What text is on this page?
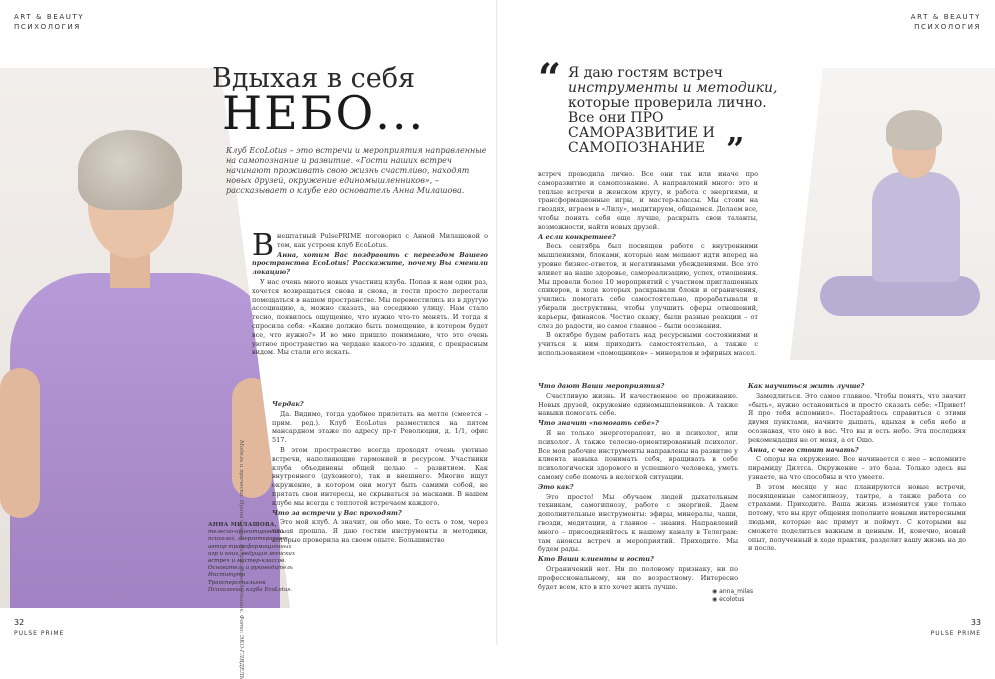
ART & BEAUTY
ПСИХОЛОГИЯ
Вдыхая в себя
НЕБО...
Клуб EcoLotus – это встречи и мероприятия направленные на самопознание и развитие. «Гости наших встреч начинают проживать свою жизнь счастливо, находят новых друзей, окружение единомышленников», – рассказывает о клубе его основатель Анна Милашова.

Внештатный PulsePRIME поговорил с Анной Милашовой о том, как устроен клуб EcoLotus.

Анна, хотим Вас поздравить с переездом Вашего пространства EcoLotus! Расскажите, почему Вы сменили локацию?

У нас очень много новых участниц клуба. Попав к нам один раз, хочется возвращаться снова и снова, и гости просто перестали помещаться в нашем пространстве. Мы переместились из в другую ассоциацию, а, можно сказать, на соседнюю улицу. Нам стало тесно, появилось ощущение, что нужно что-то менять. И тогда я спросила себя: «Какие должно быть помещение, в котором будет все, что нужно?» И во мне пришло понимание, что это очень уютное пространство на чердаке какого-то здания, с прекрасным видом. Мы стали его искать.

Чердак?

Да. Видимо, тогда удобнее прилетать на метле (смеется – прим. ред.). Клуб EcoLotus разместился на пятом мансардном этаже по адресу пр-т Революции, д. 1/1, офис 517.

В этом пространстве всегда проходят очень уютные встречи, наполняющие гармонией и ресурсом. Участники клуба объединены общей целью – развитием. Как внутреннего (духовного), так и внешнего. Многие ищут окружение, в котором они могут быть самими собой, не прятать свои интересы, не скрываться за масками. В нашем клубе мы всегда с теплотой встречаем каждого.

Что за встречи у Вас проходят?

Это мой клуб. А значит, он обо мне. То есть о том, через что я прошла. Я даю гостям инструменты и методики, которые проверила на своем опыте. Большинство

Модель и прическа: Ирина Сухова. Визаж: Анна Меньших. Фото: ЭКО-ГЛЯДЕЛЬ
АННА МИЛАШОВА, телесно-ориентированный психолог, энерготерапевт, автор трансформационных игр и книг, ведущая женских встреч и мастер-классов. Основатель и руководитель Института Трансперсональной Психологии, клуба EcoLotus.
32
PULSE PRIME
ART & BEAUTY
ПСИХОЛОГИЯ
“ Я даю гостям встреч
инструменты и методики,
которые проверила лично. Все они ПРО САМОРАЗВИТИЕ И САМОПОЗНАНИЕ ”

встреч проводила лично. Все они так или иначе про саморазвитие и самопознание. А направлений много: это и теплые встречи в женском кругу, и работа с энергиями, и трансформационные игры, и мастер-классы. Мы стоим на гвоздях, играем в «Лилу», медитируем, общаемся. Делаем все, чтобы понять себя еще лучше, раскрыть свои таланты, возможности, найти новых друзей.

А если конкретнее?

Весь сентябрь был посвящен работе с внутренними мышлениями, блоками, которые нам мешают идти вперед на уровне бизнес-ответов, и негативными убеждениями. Все это влияет на наше здоровье, самореализацию, успех, отношения. Мы провели более 10 мероприятий с участием приглашенных спикеров, в ходе которых раскрывали блоки и ограничения, учились помогать себе самостоятельно, прорабатывали и убирали деструктивы, чтобы улучшить сферы отношений, карьеры, финансов. Честно скажу, были разные реакции – от слез до радости, но самое главное – были осознания.

В октябре будем работать над ресурсными состояниями и учиться к ним приходить самостоятельно, а также с использованием «помощников» – минералов и эфирных масел.

Что дают Ваши мероприятия?

Счастливую жизнь. И качественное ее проживание. Новых друзей, окружение единомышленников. А также навыки помогать себе.

Что значит «помогать себе»?

Я не только энерготерапевт, но и психолог, или психолог. А также телесно-ориентированный психолог. Все мои рабочие инструменты направлены на развитие у клиента навыка понимать себя, вращивать в себе психологически здорового и успешного человека, уметь самому себе помочь в нелегкой ситуации.

Это как?

Это просто! Мы обучаем людей дыхательным техникам, самогипнозу, работе с энергией. Даем дополнительные инструменты: эфиры, минералы, чаши, гвозди, медитации, а главное – знания. Направлений много – присоединяйтесь к нашему каналу в Телеграм: там анонсы встреч и мероприятий. Приходите. Мы будем рады.

Кто Ваши клиенты и гости?

Ограничений нет. Ни по половому признаку, ни по профессиональному, ни по возрастному. Интересно будет всем, кто в кто хочет жить лучше.

Как научиться жить лучше?

Замедлиться. Это самое главное. Чтобы понять, что значит «быть», нужно остановиться и просто сказать себе: «Привет! Я про тебя вспомнил». Постарайтесь справиться с этими двумя пунктами, начните дышать, вдыхая в себя небо и осознавая, что оно в вас. Что вы и есть небо. Эта последняя рекомендация не от меня, а от Ошо.

Анна, с чего стоит начать?

С опоры на окружение. Все начинается с нее – вспомните пирамиду Дилтса. Окружение – это база. Только здесь вы узнаете, на что способны и что умеете.

В этом месяце у нас планируются новые встречи, посвященные самогипнозу, тантре, а также работа со страхами. Приходите. Ваша жизнь изменится уже только потому, что вы круг общения пополните новыми интересными людьми, которые вас примут и поймут. С которыми вы сможете поделиться важным и ценным. И, конечно, новый опыт, полученный в ходе практик, разделит вашу жизнь на до и после.

◉ anna_milas
◉ ecolotus
33
PULSE PRIME
